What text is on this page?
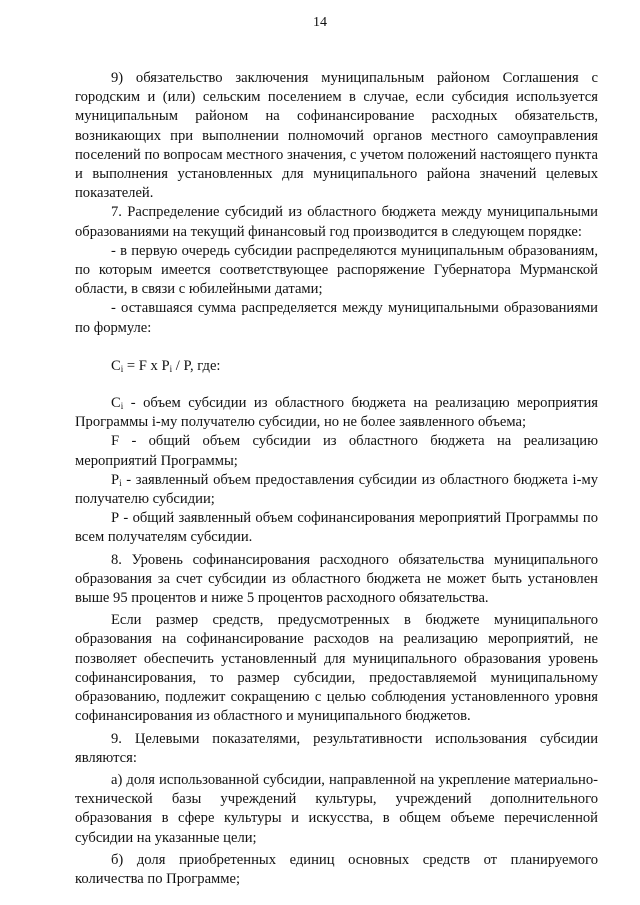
14

9) обязательство заключения муниципальным районом Соглашения с городским и (или) сельским поселением в случае, если субсидия используется муниципальным районом на софинансирование расходных обязательств, возникающих при выполнении полномочий органов местного самоуправления поселений по вопросам местного значения, с учетом положений настоящего пункта и выполнения установленных для муниципального района значений целевых показателей.

7. Распределение субсидий из областного бюджета между муниципальными образованиями на текущий финансовый год производится в следующем порядке:

- в первую очередь субсидии распределяются муниципальным образованиям, по которым имеется соответствующее распоряжение Губернатора Мурманской области, в связи с юбилейными датами;

- оставшаяся сумма распределяется между муниципальными образованиями по формуле:

$C_i = F$ x $P_i$ / P, где:

$C_i$ - объем субсидии из областного бюджета на реализацию мероприятия Программы i-му получателю субсидии, но не более заявленного объема;

F - общий объем субсидии из областного бюджета на реализацию мероприятий Программы;

$P_i$ - заявленный объем предоставления субсидии из областного бюджета i-му получателю субсидии;

Р - общий заявленный объем софинансирования мероприятий Программы по всем получателям субсидии.

8. Уровень софинансирования расходного обязательства муниципального образования за счет субсидии из областного бюджета не может быть установлен выше 95 процентов и ниже 5 процентов расходного обязательства.

Если размер средств, предусмотренных в бюджете муниципального образования на софинансирование расходов на реализацию мероприятий, не позволяет обеспечить установленный для муниципального образования уровень софинансирования, то размер субсидии, предоставляемой муниципальному образованию, подлежит сокращению с целью соблюдения установленного уровня софинансирования из областного и муниципального бюджетов.

9. Целевыми показателями, результативности использования субсидии являются:

а) доля использованной субсидии, направленной на укрепление материально-технической базы учреждений культуры, учреждений дополнительного образования в сфере культуры и искусства, в общем объеме перечисленной субсидии на указанные цели;

б) доля приобретенных единиц основных средств от планируемого количества по Программе;
